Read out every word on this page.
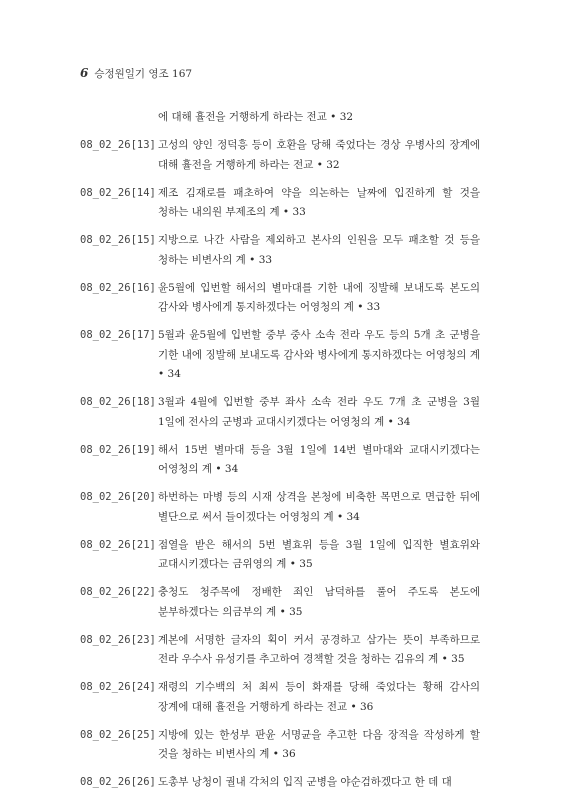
6 승정원일기 영조 167
에 대해 휼전을 거행하게 하라는 전교 • 32
08_02_26[13] 고성의 양인 정덕흥 등이 호환을 당해 죽었다는 경상 우병사의 장계에 대해 휼전을 거행하게 하라는 전교 • 32
08_02_26[14] 제조 김재로를 패초하여 약을 의논하는 날짜에 입진하게 할 것을 청하는 내의원 부제조의 계 • 33
08_02_26[15] 지방으로 나간 사람을 제외하고 본사의 인원을 모두 패초할 것 등을 청하는 비변사의 계 • 33
08_02_26[16] 윤5월에 입번할 해서의 별마대를 기한 내에 징발해 보내도록 본도의 감사와 병사에게 통지하겠다는 어영청의 계 • 33
08_02_26[17] 5월과 윤5월에 입번할 중부 중사 소속 전라 우도 등의 5개 초 군병을 기한 내에 징발해 보내도록 감사와 병사에게 통지하겠다는 어영청의 계 • 34
08_02_26[18] 3월과 4월에 입번할 중부 좌사 소속 전라 우도 7개 초 군병을 3월 1일에 전사의 군병과 교대시키겠다는 어영청의 계 • 34
08_02_26[19] 해서 15번 별마대 등을 3월 1일에 14번 별마대와 교대시키겠다는 어영청의 계 • 34
08_02_26[20] 하번하는 마병 등의 시재 상격을 본청에 비축한 목면으로 면급한 뒤에 별단으로 써서 들이겠다는 어영청의 계 • 34
08_02_26[21] 점열을 받은 해서의 5번 별효위 등을 3월 1일에 입직한 별효위와 교대시키겠다는 금위영의 계 • 35
08_02_26[22] 충청도 청주목에 정배한 죄인 남덕하를 풀어 주도록 본도에 분부하겠다는 의금부의 계 • 35
08_02_26[23] 계본에 서명한 글자의 획이 커서 공경하고 삼가는 뜻이 부족하므로 전라 우수사 유성기를 추고하여 경책할 것을 청하는 김유의 계 • 35
08_02_26[24] 재령의 기수백의 처 최씨 등이 화재를 당해 죽었다는 황해 감사의 장계에 대해 휼전을 거행하게 하라는 전교 • 36
08_02_26[25] 지방에 있는 한성부 판윤 서명균을 추고한 다음 장적을 작성하게 할 것을 청하는 비변사의 계 • 36
08_02_26[26] 도총부 낭청이 궐내 각처의 입직 군병을 야순검하겠다고 한 데 대
